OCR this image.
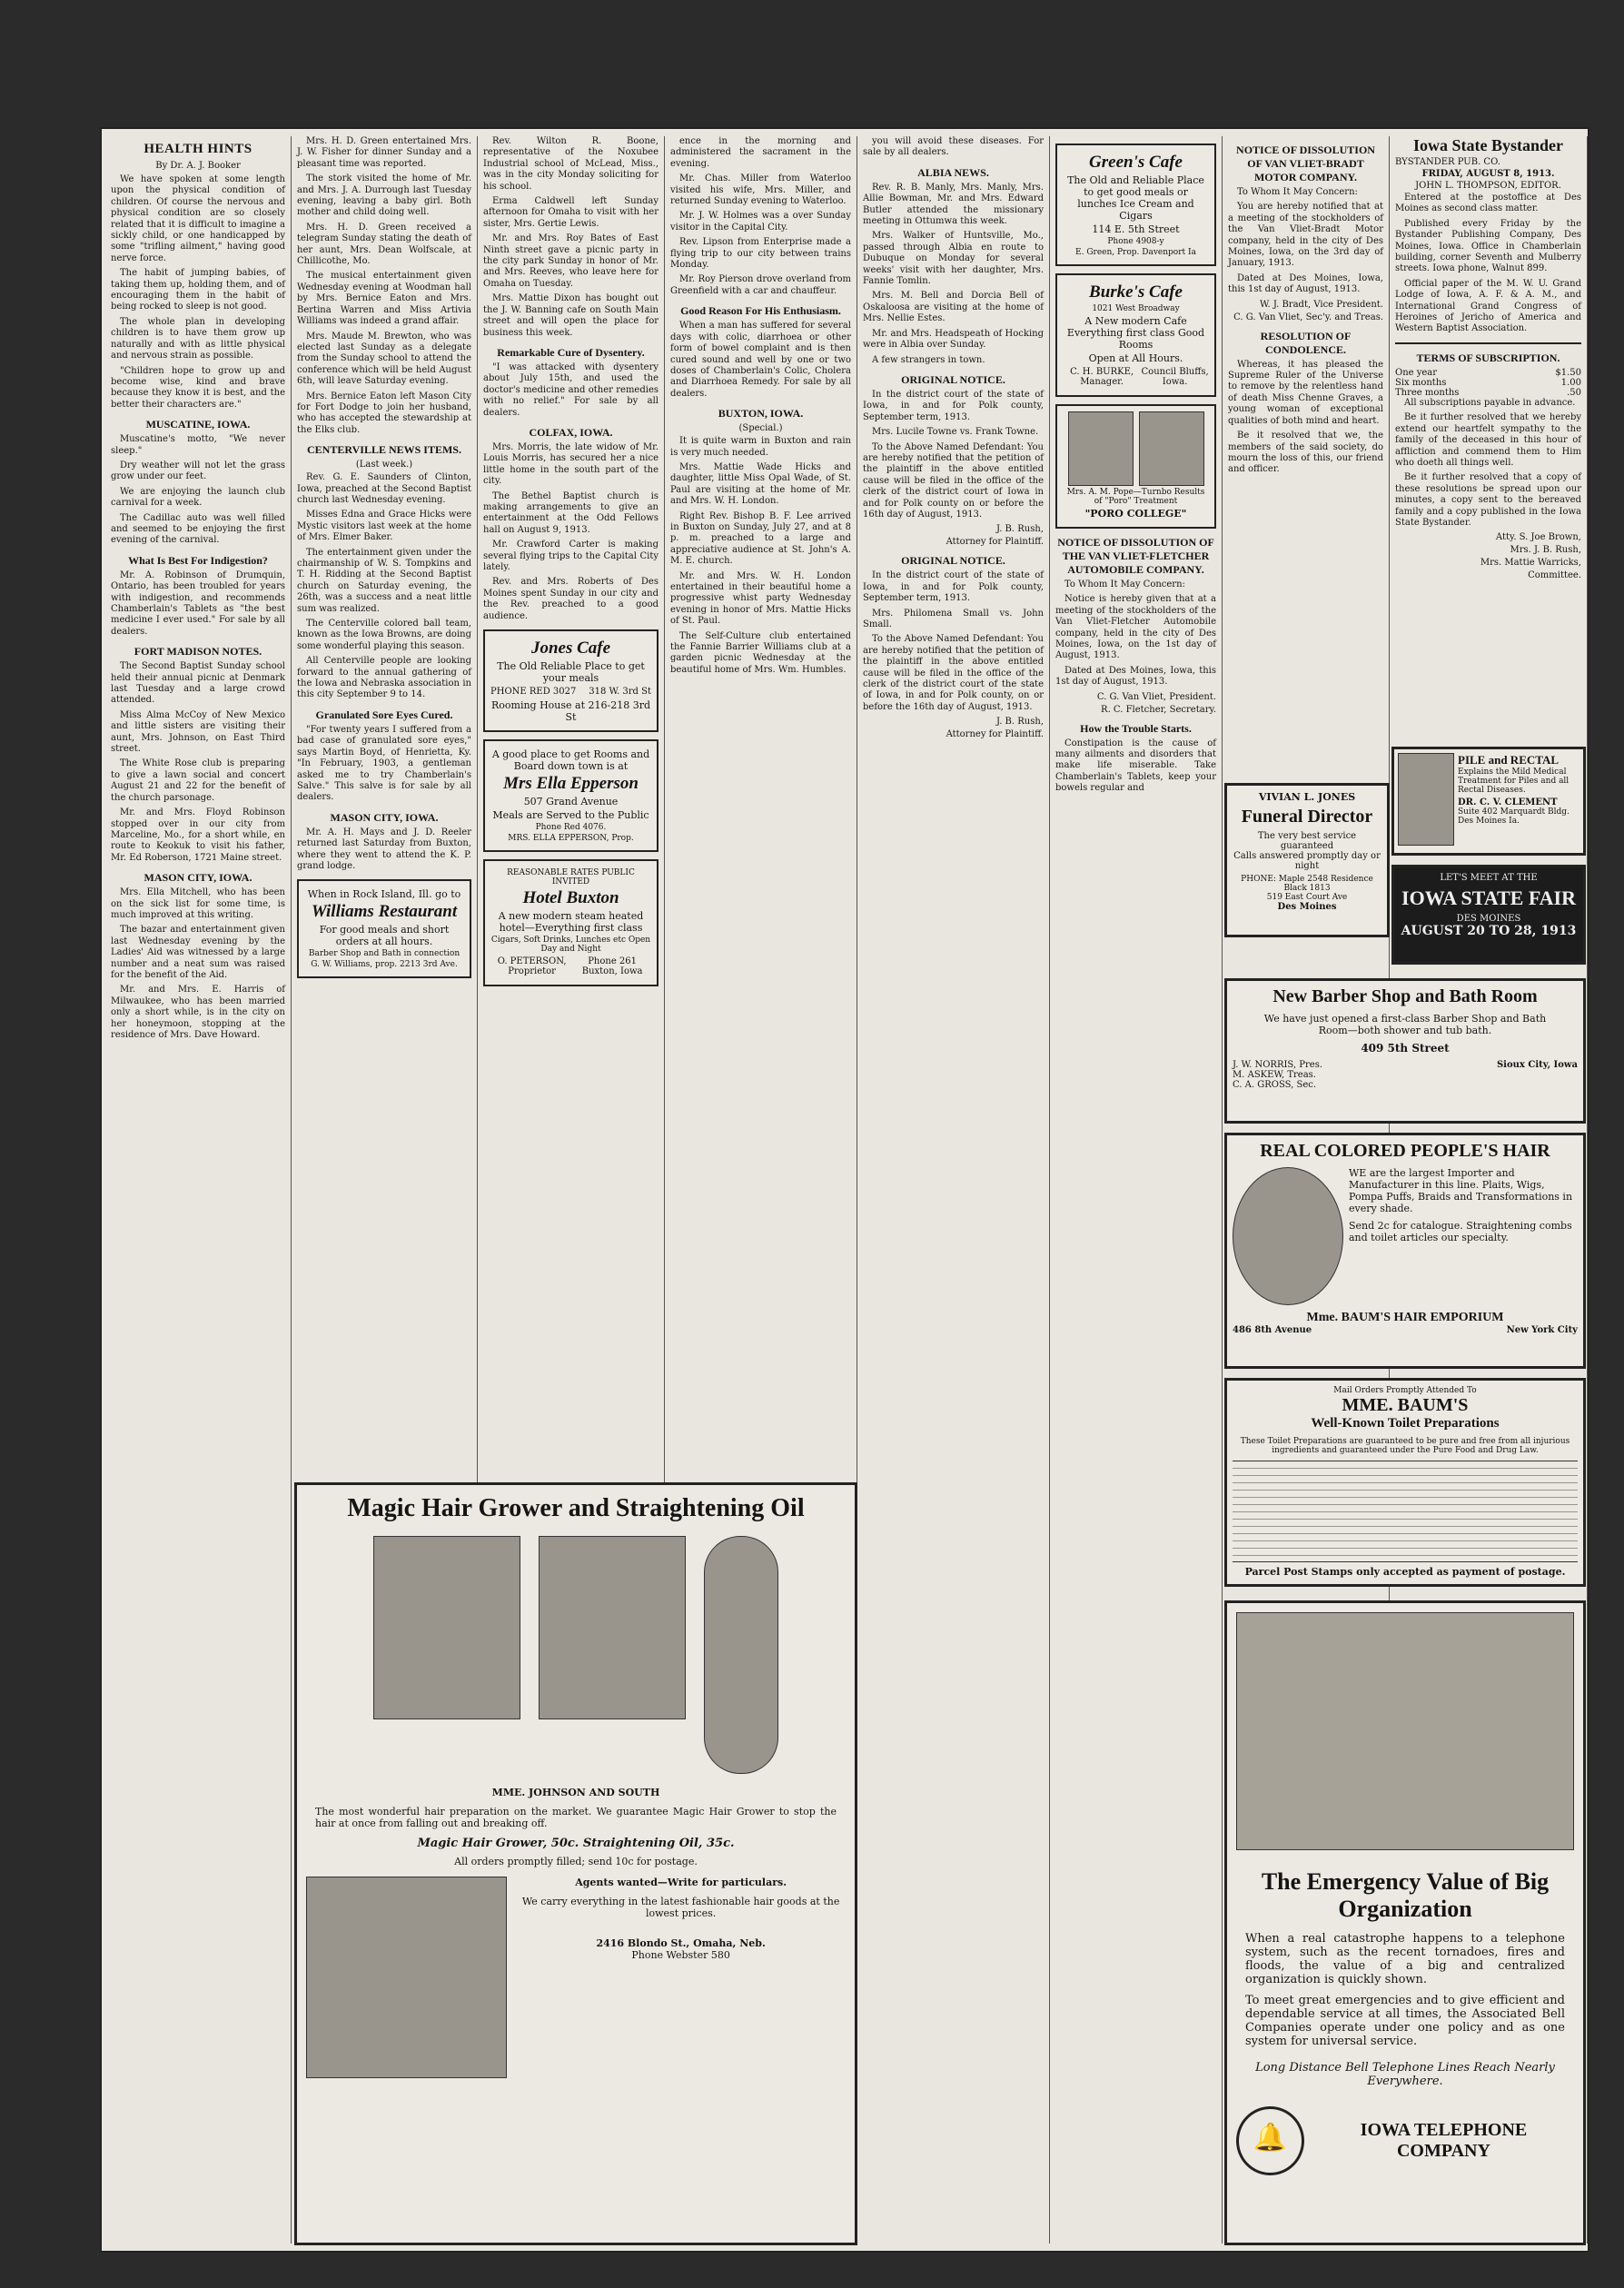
HEALTH HINTS
By Dr. A. J. Booker

We have spoken at some length upon the physical condition of children. Of course the nervous and physical condition are so closely related that it is difficult to imagine a sickly child, or one handicapped by some "trifling ailment," having good nerve force.

The habit of jumping babies, of taking them up, holding them, and of encouraging them in the habit of being rocked to sleep is not good.

The whole plan in developing children is to have them grow up naturally and with as little physical and nervous strain as possible.

"Children hope to grow up and become wise, kind and brave because they know it is best, and the better their characters are."

MUSCATINE, IOWA.

Muscatine's motto, "We never sleep."

Dry weather will not let the grass grow under our feet.

We are enjoying the launch club carnival for a week.

The Cadillac auto was well filled and seemed to be enjoying the first evening of the carnival.

What Is Best For Indigestion?

Mr. A. Robinson of Drumquin, Ontario, has been troubled for years with indigestion, and recommends Chamberlain's Tablets as "the best medicine I ever used." For sale by all dealers.

FORT MADISON NOTES.

The Second Baptist Sunday school held their annual picnic at Denmark last Tuesday and a large crowd attended.

Miss Alma McCoy of New Mexico and little sisters are visiting their aunt, Mrs. Johnson, on East Third street.

The White Rose club is preparing to give a lawn social and concert August 21 and 22 for the benefit of the church parsonage.

Mr. and Mrs. Floyd Robinson stopped over in our city from Marceline, Mo., for a short while, en route to Keokuk to visit his father, Mr. Ed Roberson, 1721 Maine street.

MASON CITY, IOWA.

Mrs. Ella Mitchell, who has been on the sick list for some time, is much improved at this writing.

The bazar and entertainment given last Wednesday evening by the Ladies' Aid was witnessed by a large number and a neat sum was raised for the benefit of the Aid.

Mr. and Mrs. E. Harris of Milwaukee, who has been married only a short while, is in the city on her honeymoon, stopping at the residence of Mrs. Dave Howard.

Mrs. H. D. Green entertained Mrs. J. W. Fisher for dinner Sunday and a pleasant time was reported.

The stork visited the home of Mr. and Mrs. J. A. Durrough last Tuesday evening, leaving a baby girl. Both mother and child doing well.

Mrs. H. D. Green received a telegram Sunday stating the death of her aunt, Mrs. Dean Wolfscale, at Chillicothe, Mo.

The musical entertainment given Wednesday evening at Woodman hall by Mrs. Bernice Eaton and Mrs. Bertina Warren and Miss Artivia Williams was indeed a grand affair.

Mrs. Maude M. Brewton, who was elected last Sunday as a delegate from the Sunday school to attend the conference which will be held August 6th, will leave Saturday evening.

Mrs. Bernice Eaton left Mason City for Fort Dodge to join her husband, who has accepted the stewardship at the Elks club.

CENTERVILLE NEWS ITEMS.
(Last week.)

Rev. G. E. Saunders of Clinton, Iowa, preached at the Second Baptist church last Wednesday evening.

Misses Edna and Grace Hicks were Mystic visitors last week at the home of Mrs. Elmer Baker.

The entertainment given under the chairmanship of W. S. Tompkins and T. H. Ridding at the Second Baptist church on Saturday evening, the 26th, was a success and a neat little sum was realized.

The Centerville colored ball team, known as the Iowa Browns, are doing some wonderful playing this season.

All Centerville people are looking forward to the annual gathering of the Iowa and Nebraska association in this city September 9 to 14.

Granulated Sore Eyes Cured.

"For twenty years I suffered from a bad case of granulated sore eyes," says Martin Boyd, of Henrietta, Ky. "In February, 1903, a gentleman asked me to try Chamberlain's Salve." This salve is for sale by all dealers.

MASON CITY, IOWA.

Mr. A. H. Mays and J. D. Reeler returned last Saturday from Buxton, where they went to attend the K. P. grand lodge.

When in Rock Island, Ill. go to
Williams Restaurant
For good meals and short orders at all hours.
Barber Shop and Bath in connection
G. W. Williams, prop. 2213 3rd Ave.

Rev. Wilton R. Boone, representative of the Noxubee Industrial school of McLead, Miss., was in the city Monday soliciting for his school.

Erma Caldwell left Sunday afternoon for Omaha to visit with her sister, Mrs. Gertie Lewis.

Mr. and Mrs. Roy Bates of East Ninth street gave a picnic party in the city park Sunday in honor of Mr. and Mrs. Reeves, who leave here for Omaha on Tuesday.

Mrs. Mattie Dixon has bought out the J. W. Banning cafe on South Main street and will open the place for business this week.

Remarkable Cure of Dysentery.

"I was attacked with dysentery about July 15th, and used the doctor's medicine and other remedies with no relief." For sale by all dealers.

COLFAX, IOWA.

Mrs. Morris, the late widow of Mr. Louis Morris, has secured her a nice little home in the south part of the city.

The Bethel Baptist church is making arrangements to give an entertainment at the Odd Fellows hall on August 9, 1913.

Mr. Crawford Carter is making several flying trips to the Capital City lately.

Rev. and Mrs. Roberts of Des Moines spent Sunday in our city and the Rev. preached to a good audience.

Jones Cafe
The Old Reliable Place to get your meals
PHONE RED 3027 318 W. 3rd St
Rooming House at 216-218 3rd St
A good place to get Rooms and Board down town is at
Mrs Ella Epperson
507 Grand Avenue
Meals are Served to the Public
Phone Red 4076.
MRS. ELLA EPPERSON, Prop.
REASONABLE RATES PUBLIC INVITED
Hotel Buxton
A new modern steam heated hotel—Everything first class
Cigars, Soft Drinks, Lunches etc Open Day and Night
O. PETERSON, Proprietor
Phone 261 Buxton, Iowa

ence in the morning and administered the sacrament in the evening.

Mr. Chas. Miller from Waterloo visited his wife, Mrs. Miller, and returned Sunday evening to Waterloo.

Mr. J. W. Holmes was a over Sunday visitor in the Capital City.

Rev. Lipson from Enterprise made a flying trip to our city between trains Monday.

Mr. Roy Pierson drove overland from Greenfield with a car and chauffeur.

Good Reason For His Enthusiasm.

When a man has suffered for several days with colic, diarrhoea or other form of bowel complaint and is then cured sound and well by one or two doses of Chamberlain's Colic, Cholera and Diarrhoea Remedy. For sale by all dealers.

BUXTON, IOWA.
(Special.)

It is quite warm in Buxton and rain is very much needed.

Mrs. Mattie Wade Hicks and daughter, little Miss Opal Wade, of St. Paul are visiting at the home of Mr. and Mrs. W. H. London.

Right Rev. Bishop B. F. Lee arrived in Buxton on Sunday, July 27, and at 8 p. m. preached to a large and appreciative audience at St. John's A. M. E. church.

Mr. and Mrs. W. H. London entertained in their beautiful home a progressive whist party Wednesday evening in honor of Mrs. Mattie Hicks of St. Paul.

The Self-Culture club entertained the Fannie Barrier Williams club at a garden picnic Wednesday at the beautiful home of Mrs. Wm. Humbles.

you will avoid these diseases. For sale by all dealers.

ALBIA NEWS.

Rev. R. B. Manly, Mrs. Manly, Mrs. Allie Bowman, Mr. and Mrs. Edward Butler attended the missionary meeting in Ottumwa this week.

Mrs. Walker of Huntsville, Mo., passed through Albia en route to Dubuque on Monday for several weeks' visit with her daughter, Mrs. Fannie Tomlin.

Mrs. M. Bell and Dorcia Bell of Oskaloosa are visiting at the home of Mrs. Nellie Estes.

Mr. and Mrs. Headspeath of Hocking were in Albia over Sunday.

A few strangers in town.

ORIGINAL NOTICE.

In the district court of the state of Iowa, in and for Polk county, September term, 1913.

Mrs. Lucile Towne vs. Frank Towne.

To the Above Named Defendant: You are hereby notified that the petition of the plaintiff in the above entitled cause will be filed in the office of the clerk of the district court of Iowa in and for Polk county on or before the 16th day of August, 1913.

J. B. Rush,
Attorney for Plaintiff.
ORIGINAL NOTICE.

In the district court of the state of Iowa, in and for Polk county, September term, 1913.

Mrs. Philomena Small vs. John Small.

To the Above Named Defendant: You are hereby notified that the petition of the plaintiff in the above entitled cause will be filed in the office of the clerk of the district court of the state of Iowa, in and for Polk county, on or before the 16th day of August, 1913.

J. B. Rush,
Attorney for Plaintiff.
Green's Cafe
The Old and Reliable Place to get good meals or lunches Ice Cream and Cigars
114 E. 5th Street
Phone 4908-y
E. Green, Prop. Davenport Ia
Burke's Cafe
1021 West Broadway
A New modern Cafe Everything first class Good Rooms
Open at All Hours.
C. H. BURKE, Manager.
Council Bluffs, Iowa.
Mrs. A. M. Pope—Turnbo Results of "Poro" Treatment
"PORO COLLEGE"
NOTICE OF DISSOLUTION OF THE VAN VLIET-FLETCHER AUTOMOBILE COMPANY.

To Whom It May Concern:

Notice is hereby given that at a meeting of the stockholders of the Van Vliet-Fletcher Automobile company, held in the city of Des Moines, Iowa, on the 1st day of August, 1913.

Dated at Des Moines, Iowa, this 1st day of August, 1913.

C. G. Van Vliet, President.
R. C. Fletcher, Secretary.
How the Trouble Starts.

Constipation is the cause of many ailments and disorders that make life miserable. Take Chamberlain's Tablets, keep your bowels regular and

NOTICE OF DISSOLUTION OF VAN VLIET-BRADT MOTOR COMPANY.

To Whom It May Concern:

You are hereby notified that at a meeting of the stockholders of the Van Vliet-Bradt Motor company, held in the city of Des Moines, Iowa, on the 3rd day of January, 1913.

Dated at Des Moines, Iowa, this 1st day of August, 1913.

W. J. Bradt, Vice President.
C. G. Van Vliet, Sec'y. and Treas.
RESOLUTION OF CONDOLENCE.

Whereas, it has pleased the Supreme Ruler of the Universe to remove by the relentless hand of death Miss Chenne Graves, a young woman of exceptional qualities of both mind and heart.

Be it resolved that we, the members of the said society, do mourn the loss of this, our friend and officer.

Iowa State Bystander
BYSTANDER PUB. CO.
FRIDAY, AUGUST 8, 1913.
JOHN L. THOMPSON, EDITOR.

Entered at the postoffice at Des Moines as second class matter.

Published every Friday by the Bystander Publishing Company, Des Moines, Iowa. Office in Chamberlain building, corner Seventh and Mulberry streets. Iowa phone, Walnut 899.

Official paper of the M. W. U. Grand Lodge of Iowa, A. F. & A. M., and International Grand Congress of Heroines of Jericho of America and Western Baptist Association.

TERMS OF SUBSCRIPTION.
One year	$1.50
Six months	1.00
Three months	.50

All subscriptions payable in advance.

Be it further resolved that we hereby extend our heartfelt sympathy to the family of the deceased in this hour of affliction and commend them to Him who doeth all things well.

Be it further resolved that a copy of these resolutions be spread upon our minutes, a copy sent to the bereaved family and a copy published in the Iowa State Bystander.

Atty. S. Joe Brown,
Mrs. J. B. Rush,
Mrs. Mattie Warricks,
Committee.
VIVIAN L. JONES
Funeral Director
The very best service guaranteed
Calls answered promptly day or night
PHONE: Maple 2548 Residence Black 1813
519 East Court Ave
Des Moines
PILE and RECTAL
Explains the Mild Medical Treatment for Piles and all Rectal Diseases.
DR. C. V. CLEMENT
Suite 402 Marquardt Bldg. Des Moines Ia.
LET'S MEET AT THE
IOWA STATE FAIR
DES MOINES
AUGUST 20 TO 28, 1913
New Barber Shop and Bath Room
We have just opened a first-class Barber Shop and Bath Room—both shower and tub bath.
409 5th Street
J. W. NORRIS, Pres.
M. ASKEW, Treas.
C. A. GROSS, Sec.
Sioux City, Iowa
REAL COLORED PEOPLE'S HAIR
WE are the largest Importer and Manufacturer in this line. Plaits, Wigs, Pompa Puffs, Braids and Transformations in every shade.
Send 2c for catalogue. Straightening combs and toilet articles our specialty.
Mme. BAUM'S HAIR EMPORIUM
486 8th Avenue	New York City
Mail Orders Promptly Attended To
MME. BAUM'S
Well-Known Toilet Preparations
These Toilet Preparations are guaranteed to be pure and free from all injurious ingredients and guaranteed under the Pure Food and Drug Law.
Parcel Post Stamps only accepted as payment of postage.
The Emergency Value of Big Organization
When a real catastrophe happens to a telephone system, such as the recent tornadoes, fires and floods, the value of a big and centralized organization is quickly shown.
To meet great emergencies and to give efficient and dependable service at all times, the Associated Bell Companies operate under one policy and as one system for universal service.
Long Distance Bell Telephone Lines Reach Nearly Everywhere.
🔔	IOWA TELEPHONE COMPANY
Magic Hair Grower and Straightening Oil
MME. JOHNSON AND SOUTH
The most wonderful hair preparation on the market. We guarantee Magic Hair Grower to stop the hair at once from falling out and breaking off.
Magic Hair Grower, 50c. Straightening Oil, 35c.
All orders promptly filled; send 10c for postage.
Agents wanted—Write for particulars.
We carry everything in the latest fashionable hair goods at the lowest prices.
2416 Blondo St., Omaha, Neb.
Phone Webster 580
